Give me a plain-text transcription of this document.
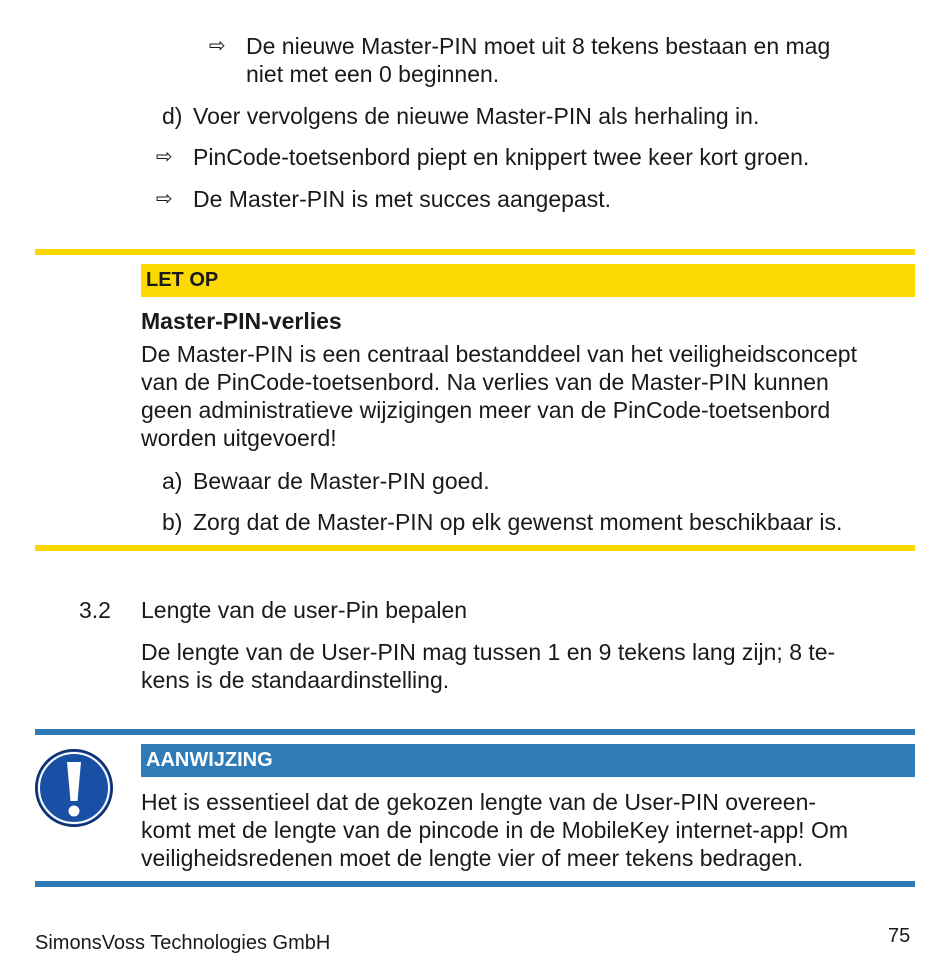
⇨ De nieuwe Master-PIN moet uit 8 tekens bestaan en mag
niet met een 0 beginnen.
d) Voer vervolgens de nieuwe Master-PIN als herhaling in.
⇨ PinCode-toetsenbord piept en knippert twee keer kort groen.
⇨ De Master-PIN is met succes aangepast.
LET OP
Master-PIN-verlies
De Master-PIN is een centraal bestanddeel van het veiligheidsconcept
van de PinCode-toetsenbord. Na verlies van de Master-PIN kunnen
geen administratieve wijzigingen meer van de PinCode-toetsenbord
worden uitgevoerd!
a) Bewaar de Master-PIN goed.
b) Zorg dat de Master-PIN op elk gewenst moment beschikbaar is.
3.2 Lengte van de user-Pin bepalen
De lengte van de User-PIN mag tussen 1 en 9 tekens lang zijn; 8 te-
kens is de standaardinstelling.
AANWIJZING
Het is essentieel dat de gekozen lengte van de User-PIN overeen-
komt met de lengte van de pincode in de MobileKey internet-app! Om
veiligheidsredenen moet de lengte vier of meer tekens bedragen.
SimonsVoss Technologies GmbH	75
